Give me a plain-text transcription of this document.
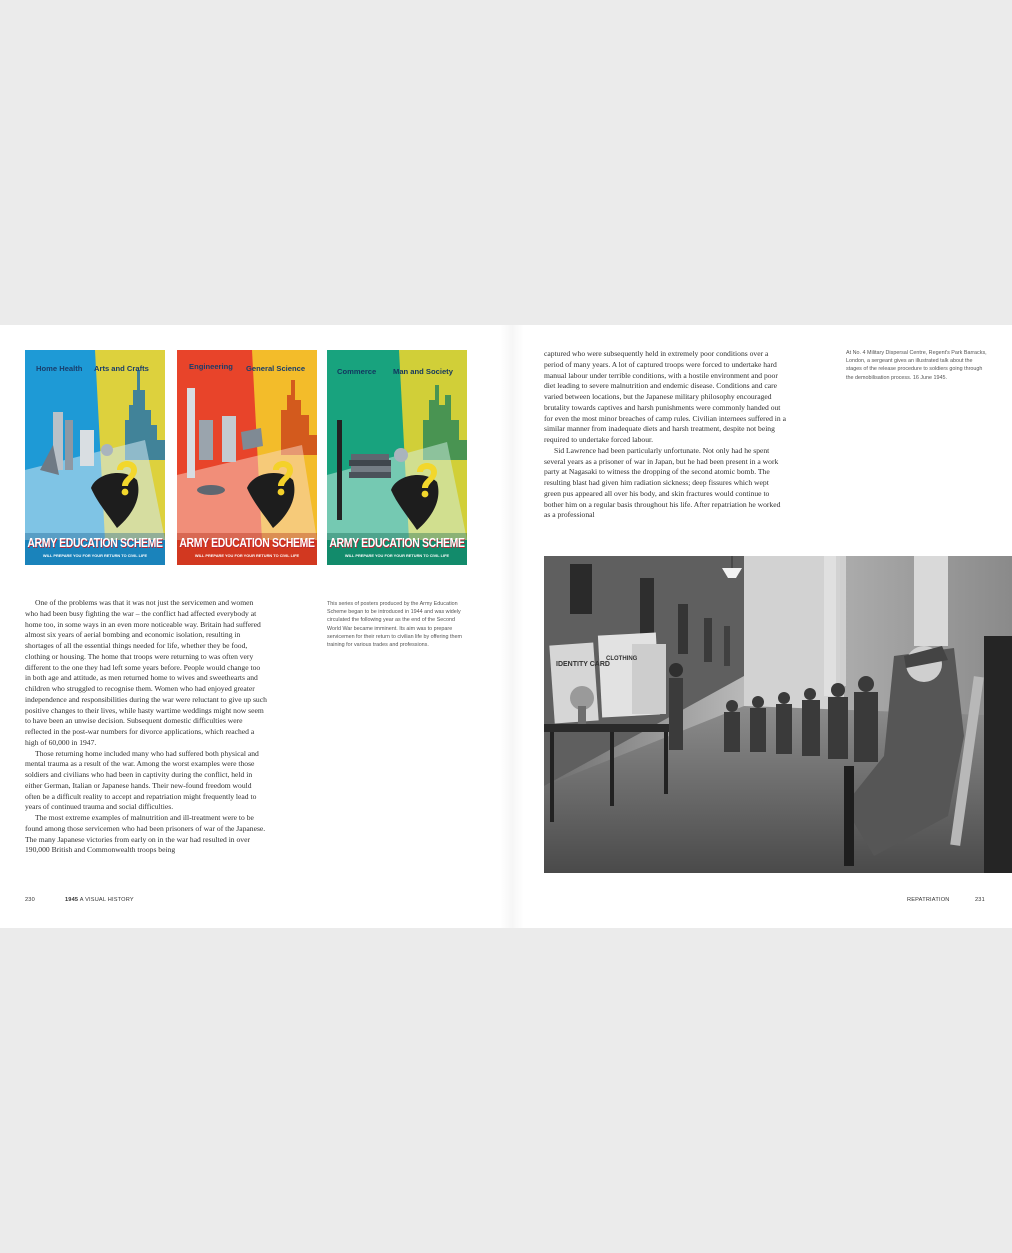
Home Health Arts and Crafts
ARMY EDUCATION SCHEME
WILL PREPARE YOU FOR YOUR RETURN TO CIVIL LIFE
Engineering General Science
ARMY EDUCATION SCHEME
WILL PREPARE YOU FOR YOUR RETURN TO CIVIL LIFE
Commerce Man and Society
ARMY EDUCATION SCHEME
WILL PREPARE YOU FOR YOUR RETURN TO CIVIL LIFE

One of the problems was that it was not just the servicemen and women who had been busy fighting the war – the conflict had affected everybody at home too, in some ways in an even more noticeable way. Britain had suffered almost six years of aerial bombing and economic isolation, resulting in shortages of all the essential things needed for life, whether they be food, clothing or housing. The home that troops were returning to was often very different to the one they had left some years before. People would change too in both age and attitude, as men returned home to wives and sweethearts and children who struggled to recognise them. Women who had enjoyed greater independence and responsibilities during the war were reluctant to give up such positive changes to their lives, while hasty wartime weddings might now seem to have been an unwise decision. Subsequent domestic difficulties were reflected in the post-war numbers for divorce applications, which reached a high of 60,000 in 1947.

Those returning home included many who had suffered both physical and mental trauma as a result of the war. Among the worst examples were those soldiers and civilians who had been in captivity during the conflict, held in either German, Italian or Japanese hands. Their new-found freedom would often be a difficult reality to accept and repatriation might frequently lead to years of continued trauma and social difficulties.

The most extreme examples of malnutrition and ill-treatment were to be found among those servicemen who had been prisoners of war of the Japanese. The many Japanese victories from early on in the war had resulted in over 190,000 British and Commonwealth troops being

This series of posters produced by the Army Education Scheme began to be introduced in 1944 and was widely circulated the following year as the end of the Second World War became imminent. Its aim was to prepare servicemen for their return to civilian life by offering them training for various trades and professions.

captured who were subsequently held in extremely poor conditions over a period of many years. A lot of captured troops were forced to undertake hard manual labour under terrible conditions, with a hostile environment and poor diet leading to severe malnutrition and endemic disease. Conditions and care varied between locations, but the Japanese military philosophy encouraged brutality towards captives and harsh punishments were commonly handed out for even the most minor breaches of camp rules. Civilian internees suffered in a similar manner from inadequate diets and harsh treatment, despite not being required to undertake forced labour.

Sid Lawrence had been particularly unfortunate. Not only had he spent several years as a prisoner of war in Japan, but he had been present in a work party at Nagasaki to witness the dropping of the second atomic bomb. The resulting blast had given him radiation sickness; deep fissures which wept green pus appeared all over his body, and skin fractures would continue to bother him on a regular basis throughout his life. After repatriation he worked as a professional

At No. 4 Military Dispersal Centre, Regent's Park Barracks, London, a sergeant gives an illustrated talk about the stages of the release procedure to soldiers going through the demobilisation process. 16 June 1945.
IDENTITY CARD
CLOTHING
230	1945 A VISUAL HISTORY	REPATRIATION	231
